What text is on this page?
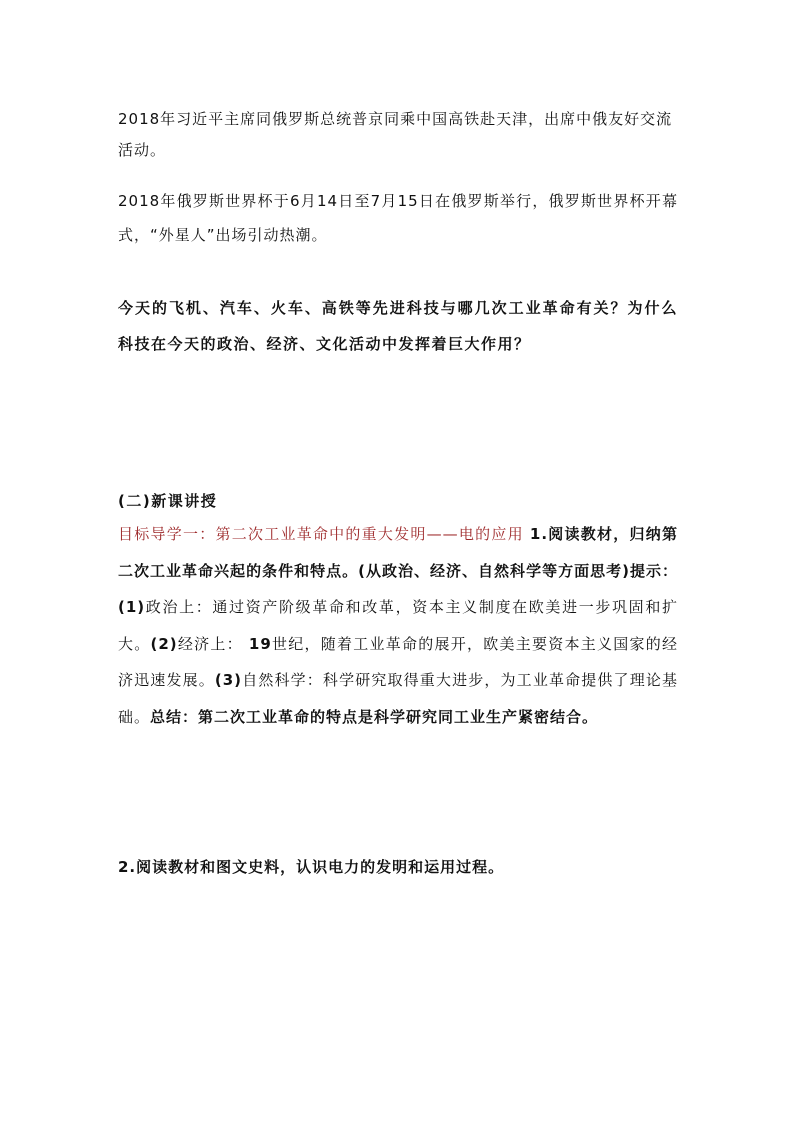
2018年习近平主席同俄罗斯总统普京同乘中国高铁赴天津，出席中俄友好交流活动。

2018年俄罗斯世界杯于6月14日至7月15日在俄罗斯举行，俄罗斯世界杯开幕式，“外星人”出场引动热潮。

今天的飞机、汽车、火车、高铁等先进科技与哪几次工业革命有关？为什么科技在今天的政治、经济、文化活动中发挥着巨大作用？

(二)新课讲授

目标导学一：第二次工业革命中的重大发明——电的应用 1.阅读教材，归纳第二次工业革命兴起的条件和特点。(从政治、经济、自然科学等方面思考)提示：(1)政治上：通过资产阶级革命和改革，资本主义制度在欧美进一步巩固和扩大。(2)经济上： 19世纪，随着工业革命的展开，欧美主要资本主义国家的经济迅速发展。(3)自然科学：科学研究取得重大进步，为工业革命提供了理论基础。总结：第二次工业革命的特点是科学研究同工业生产紧密结合。

2.阅读教材和图文史料，认识电力的发明和运用过程。
